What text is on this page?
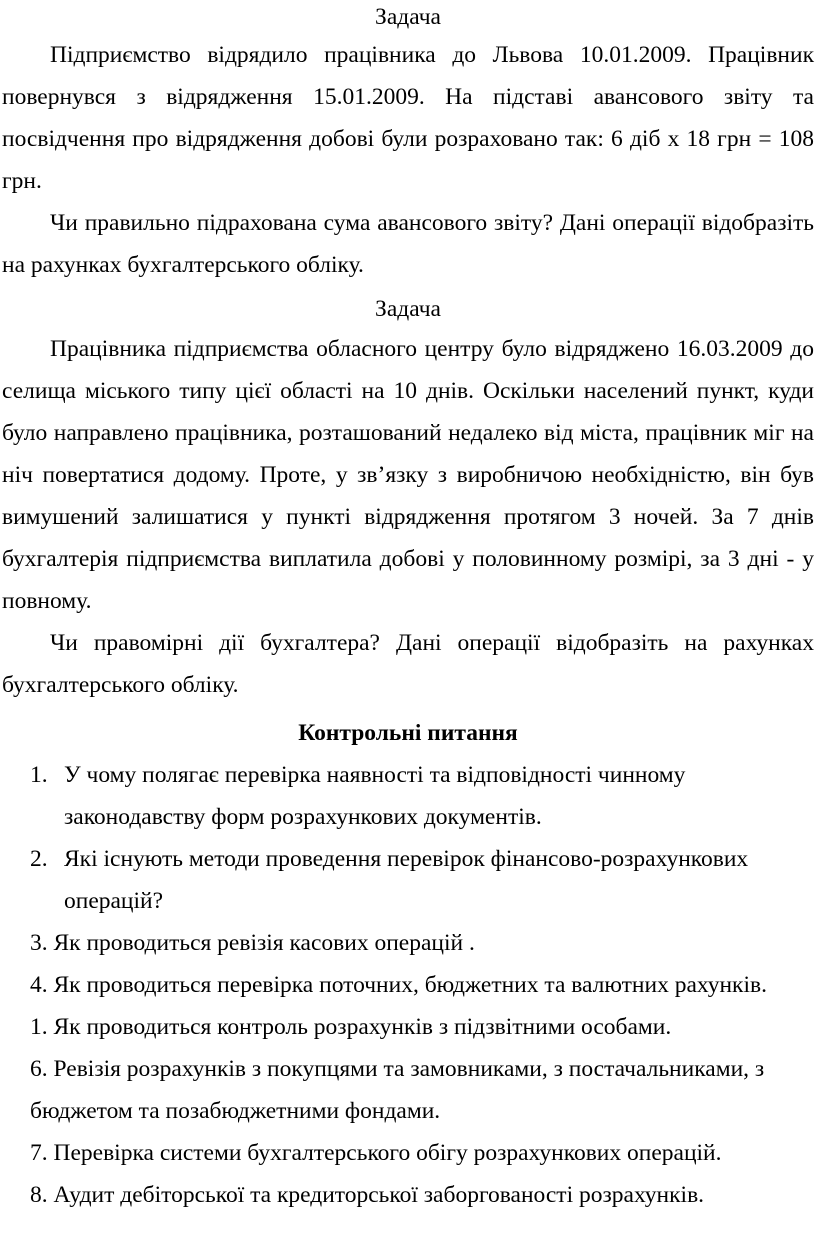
Задача

Підприємство відрядило працівника до Львова 10.01.2009. Працівник повернувся з відрядження 15.01.2009. На підставі авансового звіту та посвідчення про відрядження добові були розраховано так: 6 діб х 18 грн = 108 грн.

Чи правильно підрахована сума авансового звіту? Дані операції відобразіть на рахунках бухгалтерського обліку.

Задача

Працівника підприємства обласного центру було відряджено 16.03.2009 до селища міського типу цієї області на 10 днів. Оскільки населений пункт, куди було направлено працівника, розташований недалеко від міста, працівник міг на ніч повертатися додому. Проте, у зв’язку з виробничою необхідністю, він був вимушений залишатися у пункті відрядження протягом 3 ночей. За 7 днів бухгалтерія підприємства виплатила добові у половинному розмірі, за 3 дні - у повному.

Чи правомірні дії бухгалтера? Дані операції відобразіть на рахунках бухгалтерського обліку.

Контрольні питання
1. У чому полягає перевірка наявності та відповідності чинному законодавству форм розрахункових документів.
2. Які існують методи проведення перевірок фінансово-розрахункових операцій?
3. Як проводиться ревізія касових операцій .
4. Як проводиться перевірка поточних, бюджетних та валютних рахунків.
1. Як проводиться контроль розрахунків з підзвітними особами.
6. Ревізія розрахунків з покупцями та замовниками, з постачальниками, з бюджетом та позабюджетними фондами.
7. Перевірка системи бухгалтерського обігу розрахункових операцій.
8. Аудит дебіторської та кредиторської заборгованості розрахунків.
